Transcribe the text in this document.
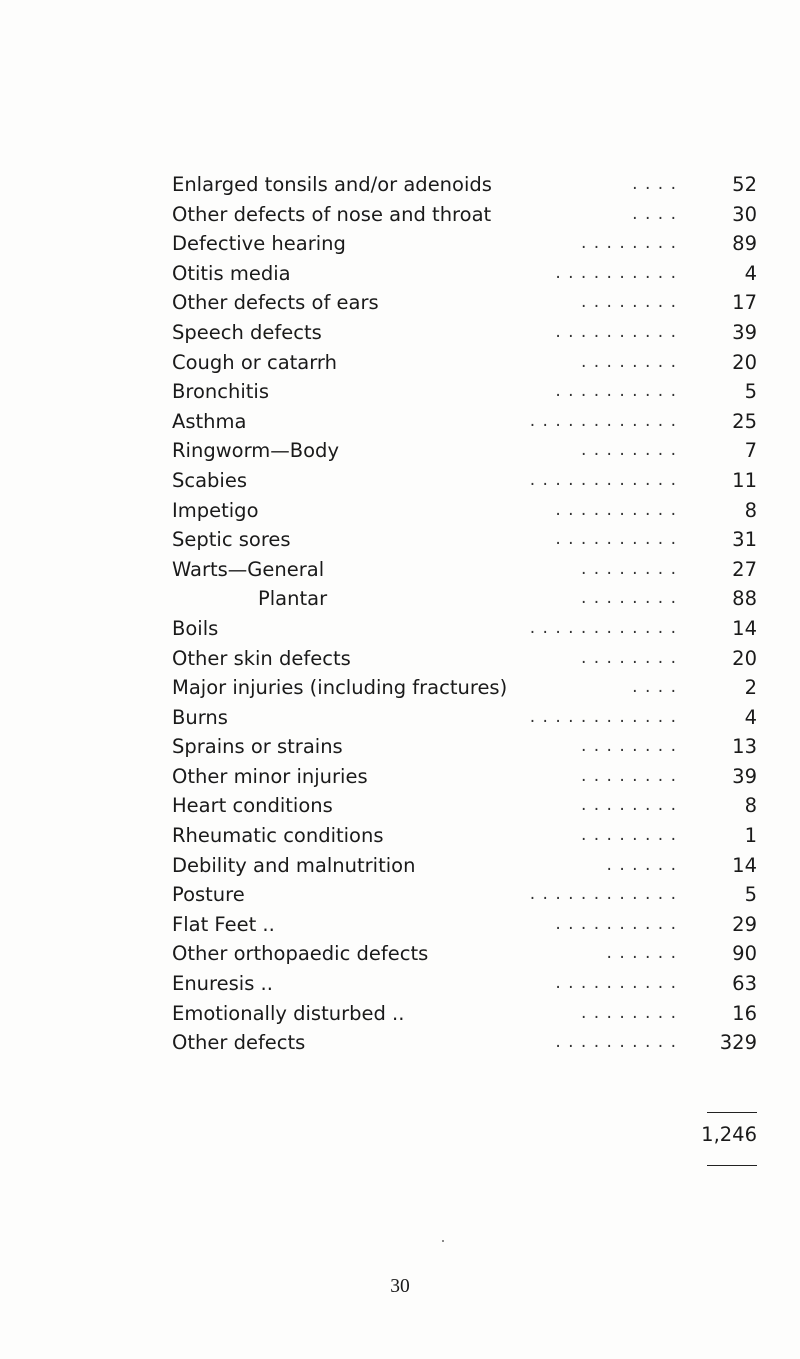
. . . .
Enlarged tonsils and/or adenoids	52
. . . .
Other defects of nose and throat	30
. . . . . . . .
Defective hearing	89
. . . . . . . . . .
Otitis media	4
. . . . . . . .
Other defects of ears	17
. . . . . . . . . .
Speech defects	39
. . . . . . . .
Cough or catarrh	20
. . . . . . . . . .
Bronchitis	5
. . . . . . . . . . . .
Asthma	25
. . . . . . . .
Ringworm—Body	7
. . . . . . . . . . . .
Scabies	11
. . . . . . . . . .
Impetigo	8
. . . . . . . . . .
Septic sores	31
. . . . . . . .
Warts—General	27
. . . . . . . .
Plantar	88
. . . . . . . . . . . .
Boils	14
. . . . . . . .
Other skin defects	20
. . . .
Major injuries (including fractures)	2
. . . . . . . . . . . .
Burns	4
. . . . . . . .
Sprains or strains	13
. . . . . . . .
Other minor injuries	39
. . . . . . . .
Heart conditions	8
. . . . . . . .
Rheumatic conditions	1
. . . . . .
Debility and malnutrition	14
. . . . . . . . . . . .
Posture	5
. . . . . . . . . .
Flat Feet ..	29
. . . . . .
Other orthopaedic defects	90
. . . . . . . . . .
Enuresis ..	63
. . . . . . . .
Emotionally disturbed ..	16
. . . . . . . . . .
Other defects	329
1,246
30
